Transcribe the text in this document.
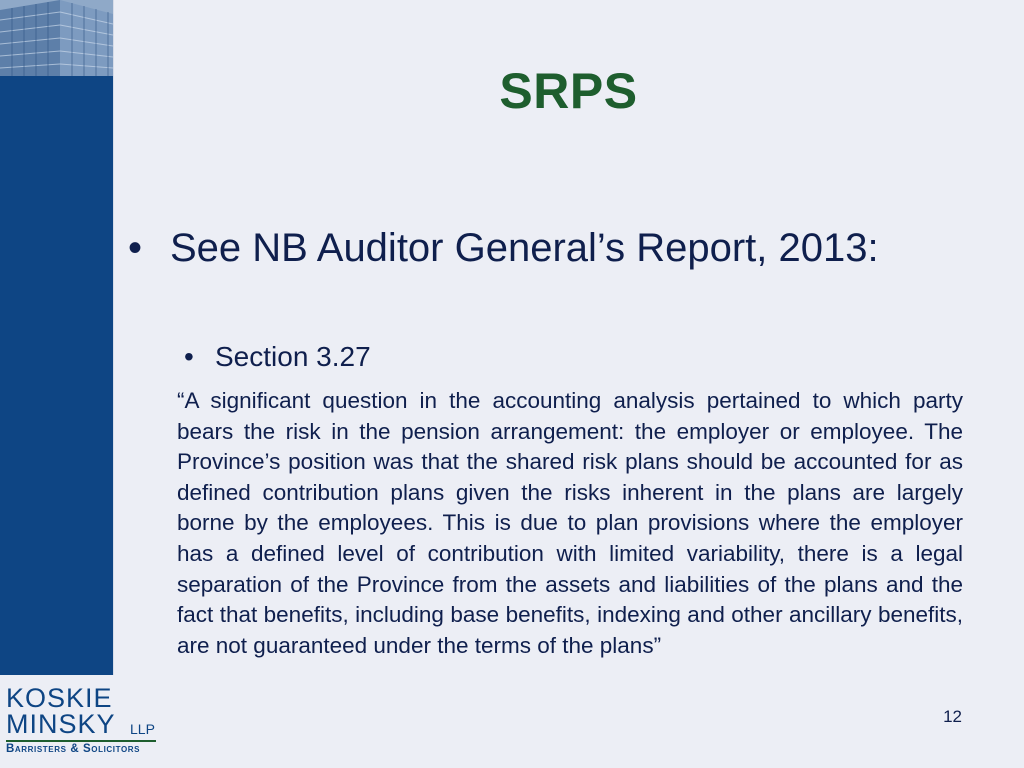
SRPS
• See NB Auditor General’s Report, 2013:
• Section 3.27
“A significant question in the accounting analysis pertained to which party bears the risk in the pension arrangement: the employer or employee. The Province’s position was that the shared risk plans should be accounted for as defined contribution plans given the risks inherent in the plans are largely borne by the employees. This is due to plan provisions where the employer has a defined level of contribution with limited variability, there is a legal separation of the Province from the assets and liabilities of the plans and the fact that benefits, including base benefits, indexing and other ancillary benefits, are not guaranteed under the terms of the plans”
KOSKIE
MINSKY LLP
Barristers & Solicitors
12
